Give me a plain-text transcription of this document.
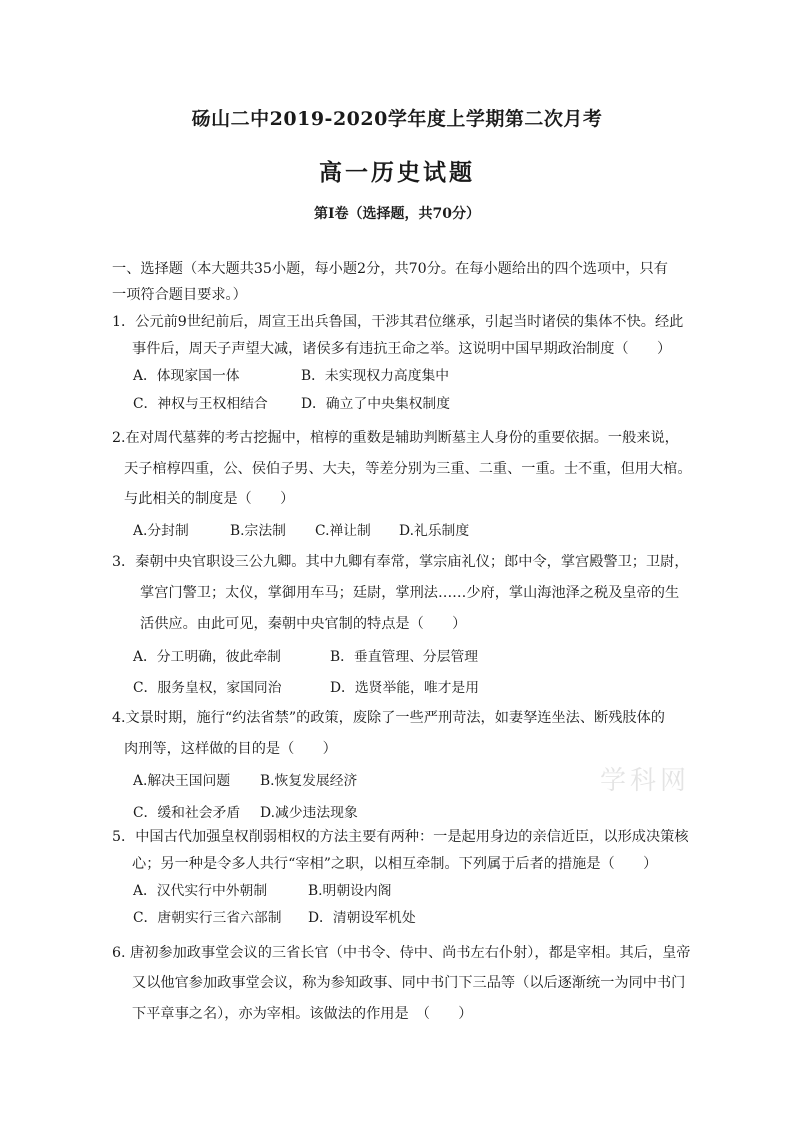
砀山二中2019-2020学年度上学期第二次月考
高一历史试题
第Ⅰ卷（选择题，共70分）
一、选择题（本大题共35小题，每小题2分，共70分。在每小题给出的四个选项中，只有
一项符合题目要求。）
1．公元前9世纪前后，周宣王出兵鲁国，干涉其君位继承，引起当时诸侯的集体不快。经此
事件后，周天子声望大减，诸侯多有违抗王命之举。这说明中国早期政治制度（　　）
A．体现家国一体	B．未实现权力高度集中
C．神权与王权相结合 D．确立了中央集权制度
2.在对周代墓葬的考古挖掘中，棺椁的重数是辅助判断墓主人身份的重要依据。一般来说，
天子棺椁四重，公、侯伯子男、大夫，等差分别为三重、二重、一重。士不重，但用大棺。
与此相关的制度是（　　）
A.分封制	B.宗法制 C.禅让制 D.礼乐制度
3．秦朝中央官职设三公九卿。其中九卿有奉常，掌宗庙礼仪；郎中令，掌宫殿警卫；卫尉，
掌宫门警卫；太仪，掌御用车马；廷尉，掌刑法……少府，掌山海池泽之税及皇帝的生
活供应。由此可见，秦朝中央官制的特点是（　　）
A．分工明确，彼此牵制	B．垂直管理、分层管理
C．服务皇权，家国同治	D．选贤举能，唯才是用
4.文景时期，施行“约法省禁”的政策，废除了一些严刑苛法，如妻孥连坐法、断残肢体的
肉刑等，这样做的目的是（　　）
A.解决王国问题 B.恢复发展经济
C．缓和社会矛盾 D.减少违法现象
5．中国古代加强皇权削弱相权的方法主要有两种：一是起用身边的亲信近臣，以形成决策核
心；另一种是令多人共行“宰相”之职，以相互牵制。下列属于后者的措施是（　　）
A．汉代实行中外朝制	B.明朝设内阁
C．唐朝实行三省六部制 D．清朝设军机处
6. 唐初参加政事堂会议的三省长官（中书令、侍中、尚书左右仆射），都是宰相。其后，皇帝
又以他官参加政事堂会议，称为参知政事、同中书门下三品等（以后逐渐统一为同中书门
下平章事之名），亦为宰相。该做法的作用是　（　　）
学科网
